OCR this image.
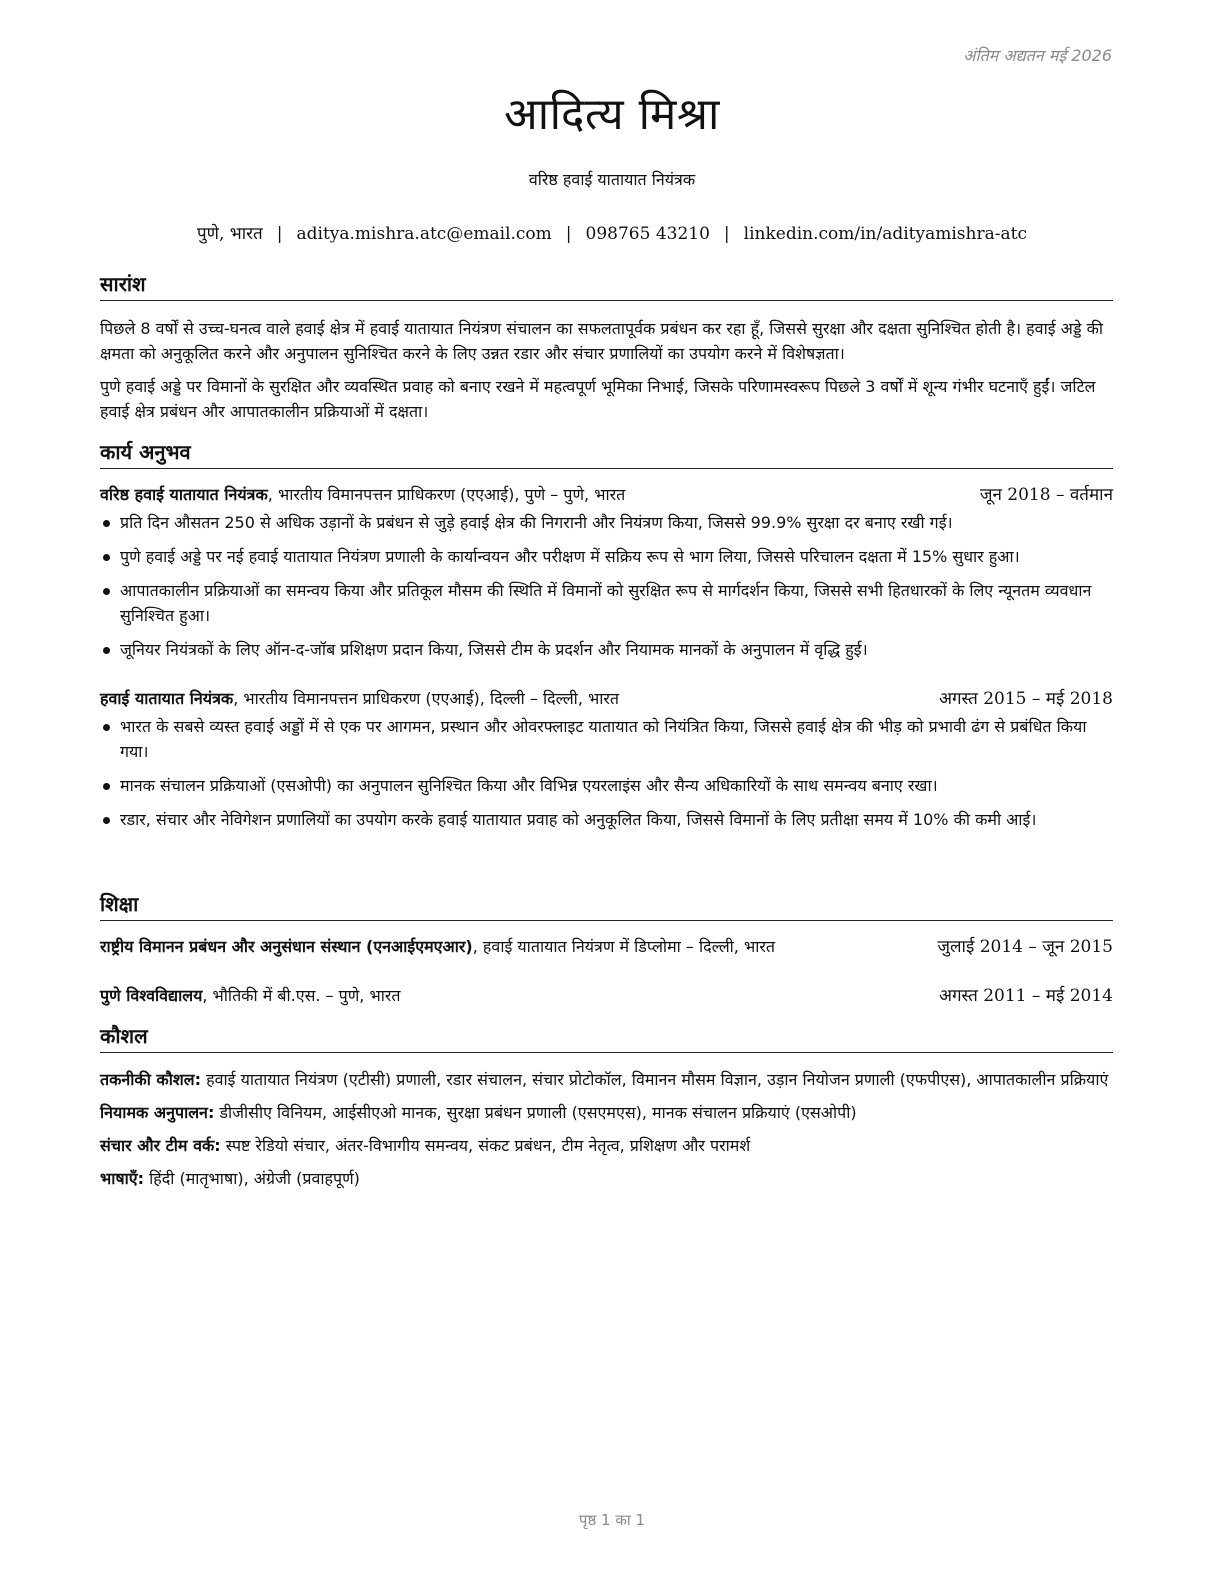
अंतिम अद्यतन मई 2026
आदित्य मिश्रा
वरिष्ठ हवाई यातायात नियंत्रक
पुणे, भारत | aditya.mishra.atc@email.com | 098765 43210 | linkedin.com/in/adityamishra-atc
सारांश

पिछले 8 वर्षों से उच्च-घनत्व वाले हवाई क्षेत्र में हवाई यातायात नियंत्रण संचालन का सफलतापूर्वक प्रबंधन कर रहा हूँ, जिससे सुरक्षा और दक्षता सुनिश्चित होती है। हवाई अड्डे की क्षमता को अनुकूलित करने और अनुपालन सुनिश्चित करने के लिए उन्नत रडार और संचार प्रणालियों का उपयोग करने में विशेषज्ञता।

पुणे हवाई अड्डे पर विमानों के सुरक्षित और व्यवस्थित प्रवाह को बनाए रखने में महत्वपूर्ण भूमिका निभाई, जिसके परिणामस्वरूप पिछले 3 वर्षों में शून्य गंभीर घटनाएँ हुईं। जटिल हवाई क्षेत्र प्रबंधन और आपातकालीन प्रक्रियाओं में दक्षता।

कार्य अनुभव
वरिष्ठ हवाई यातायात नियंत्रक, भारतीय विमानपत्तन प्राधिकरण (एएआई), पुणे – पुणे, भारत	जून 2018 – वर्तमान
प्रति दिन औसतन 250 से अधिक उड़ानों के प्रबंधन से जुड़े हवाई क्षेत्र की निगरानी और नियंत्रण किया, जिससे 99.9% सुरक्षा दर बनाए रखी गई।
पुणे हवाई अड्डे पर नई हवाई यातायात नियंत्रण प्रणाली के कार्यान्वयन और परीक्षण में सक्रिय रूप से भाग लिया, जिससे परिचालन दक्षता में 15% सुधार हुआ।
आपातकालीन प्रक्रियाओं का समन्वय किया और प्रतिकूल मौसम की स्थिति में विमानों को सुरक्षित रूप से मार्गदर्शन किया, जिससे सभी हितधारकों के लिए न्यूनतम व्यवधान सुनिश्चित हुआ।
जूनियर नियंत्रकों के लिए ऑन-द-जॉब प्रशिक्षण प्रदान किया, जिससे टीम के प्रदर्शन और नियामक मानकों के अनुपालन में वृद्धि हुई।
हवाई यातायात नियंत्रक, भारतीय विमानपत्तन प्राधिकरण (एएआई), दिल्ली – दिल्ली, भारत	अगस्त 2015 – मई 2018
भारत के सबसे व्यस्त हवाई अड्डों में से एक पर आगमन, प्रस्थान और ओवरफ्लाइट यातायात को नियंत्रित किया, जिससे हवाई क्षेत्र की भीड़ को प्रभावी ढंग से प्रबंधित किया गया।
मानक संचालन प्रक्रियाओं (एसओपी) का अनुपालन सुनिश्चित किया और विभिन्न एयरलाइंस और सैन्य अधिकारियों के साथ समन्वय बनाए रखा।
रडार, संचार और नेविगेशन प्रणालियों का उपयोग करके हवाई यातायात प्रवाह को अनुकूलित किया, जिससे विमानों के लिए प्रतीक्षा समय में 10% की कमी आई।
शिक्षा
राष्ट्रीय विमानन प्रबंधन और अनुसंधान संस्थान (एनआईएमएआर), हवाई यातायात नियंत्रण में डिप्लोमा – दिल्ली, भारत	जुलाई 2014 – जून 2015
पुणे विश्वविद्यालय, भौतिकी में बी.एस. – पुणे, भारत	अगस्त 2011 – मई 2014
कौशल

तकनीकी कौशल: हवाई यातायात नियंत्रण (एटीसी) प्रणाली, रडार संचालन, संचार प्रोटोकॉल, विमानन मौसम विज्ञान, उड़ान नियोजन प्रणाली (एफपीएस), आपातकालीन प्रक्रियाएं

नियामक अनुपालन: डीजीसीए विनियम, आईसीएओ मानक, सुरक्षा प्रबंधन प्रणाली (एसएमएस), मानक संचालन प्रक्रियाएं (एसओपी)

संचार और टीम वर्क: स्पष्ट रेडियो संचार, अंतर-विभागीय समन्वय, संकट प्रबंधन, टीम नेतृत्व, प्रशिक्षण और परामर्श

भाषाएँ: हिंदी (मातृभाषा), अंग्रेजी (प्रवाहपूर्ण)

पृष्ठ 1 का 1
